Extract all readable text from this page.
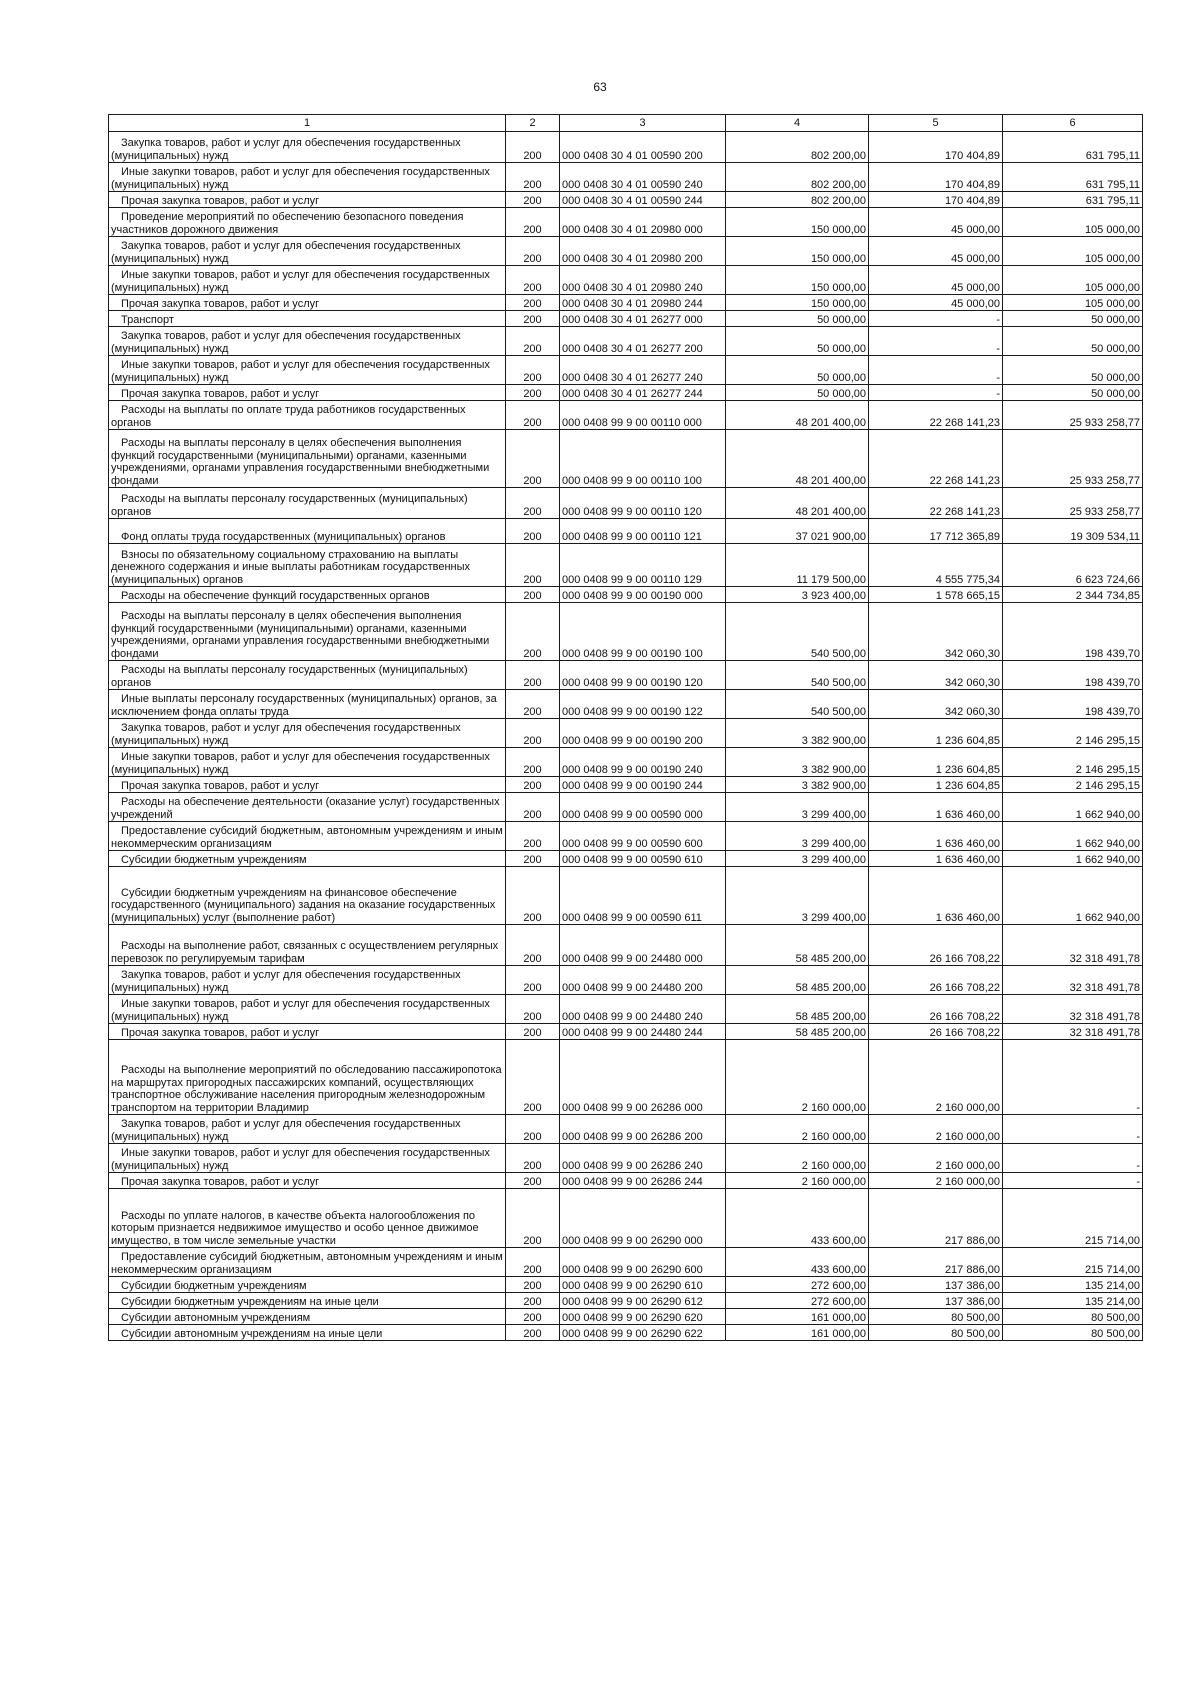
63
1	2	3	4	5	6
Закупка товаров, работ и услуг для обеспечения государственных (муниципальных) нужд	200	000 0408 30 4 01 00590 200	802 200,00	170 404,89	631 795,11
Иные закупки товаров, работ и услуг для обеспечения государственных (муниципальных) нужд	200	000 0408 30 4 01 00590 240	802 200,00	170 404,89	631 795,11
Прочая закупка товаров, работ и услуг	200	000 0408 30 4 01 00590 244	802 200,00	170 404,89	631 795,11
Проведение мероприятий по обеспечению безопасного поведения участников дорожного движения	200	000 0408 30 4 01 20980 000	150 000,00	45 000,00	105 000,00
Закупка товаров, работ и услуг для обеспечения государственных (муниципальных) нужд	200	000 0408 30 4 01 20980 200	150 000,00	45 000,00	105 000,00
Иные закупки товаров, работ и услуг для обеспечения государственных (муниципальных) нужд	200	000 0408 30 4 01 20980 240	150 000,00	45 000,00	105 000,00
Прочая закупка товаров, работ и услуг	200	000 0408 30 4 01 20980 244	150 000,00	45 000,00	105 000,00
Транспорт	200	000 0408 30 4 01 26277 000	50 000,00	-	50 000,00
Закупка товаров, работ и услуг для обеспечения государственных (муниципальных) нужд	200	000 0408 30 4 01 26277 200	50 000,00	-	50 000,00
Иные закупки товаров, работ и услуг для обеспечения государственных (муниципальных) нужд	200	000 0408 30 4 01 26277 240	50 000,00	-	50 000,00
Прочая закупка товаров, работ и услуг	200	000 0408 30 4 01 26277 244	50 000,00	-	50 000,00
Расходы на выплаты по оплате труда работников государственных органов	200	000 0408 99 9 00 00110 000	48 201 400,00	22 268 141,23	25 933 258,77
Расходы на выплаты персоналу в целях обеспечения выполнения функций государственными (муниципальными) органами, казенными учреждениями, органами управления государственными внебюджетными фондами	200	000 0408 99 9 00 00110 100	48 201 400,00	22 268 141,23	25 933 258,77
Расходы на выплаты персоналу государственных (муниципальных) органов	200	000 0408 99 9 00 00110 120	48 201 400,00	22 268 141,23	25 933 258,77
Фонд оплаты труда государственных (муниципальных) органов	200	000 0408 99 9 00 00110 121	37 021 900,00	17 712 365,89	19 309 534,11
Взносы по обязательному социальному страхованию на выплаты денежного содержания и иные выплаты работникам государственных (муниципальных) органов	200	000 0408 99 9 00 00110 129	11 179 500,00	4 555 775,34	6 623 724,66
Расходы на обеспечение функций государственных органов	200	000 0408 99 9 00 00190 000	3 923 400,00	1 578 665,15	2 344 734,85
Расходы на выплаты персоналу в целях обеспечения выполнения функций государственными (муниципальными) органами, казенными учреждениями, органами управления государственными внебюджетными фондами	200	000 0408 99 9 00 00190 100	540 500,00	342 060,30	198 439,70
Расходы на выплаты персоналу государственных (муниципальных) органов	200	000 0408 99 9 00 00190 120	540 500,00	342 060,30	198 439,70
Иные выплаты персоналу государственных (муниципальных) органов, за исключением фонда оплаты труда	200	000 0408 99 9 00 00190 122	540 500,00	342 060,30	198 439,70
Закупка товаров, работ и услуг для обеспечения государственных (муниципальных) нужд	200	000 0408 99 9 00 00190 200	3 382 900,00	1 236 604,85	2 146 295,15
Иные закупки товаров, работ и услуг для обеспечения государственных (муниципальных) нужд	200	000 0408 99 9 00 00190 240	3 382 900,00	1 236 604,85	2 146 295,15
Прочая закупка товаров, работ и услуг	200	000 0408 99 9 00 00190 244	3 382 900,00	1 236 604,85	2 146 295,15
Расходы на обеспечение деятельности (оказание услуг) государственных учреждений	200	000 0408 99 9 00 00590 000	3 299 400,00	1 636 460,00	1 662 940,00
Предоставление субсидий бюджетным, автономным учреждениям и иным некоммерческим организациям	200	000 0408 99 9 00 00590 600	3 299 400,00	1 636 460,00	1 662 940,00
Субсидии бюджетным учреждениям	200	000 0408 99 9 00 00590 610	3 299 400,00	1 636 460,00	1 662 940,00
Субсидии бюджетным учреждениям на финансовое обеспечение государственного (муниципального) задания на оказание государственных (муниципальных) услуг (выполнение работ)	200	000 0408 99 9 00 00590 611	3 299 400,00	1 636 460,00	1 662 940,00
Расходы на выполнение работ, связанных с осуществлением регулярных перевозок по регулируемым тарифам	200	000 0408 99 9 00 24480 000	58 485 200,00	26 166 708,22	32 318 491,78
Закупка товаров, работ и услуг для обеспечения государственных (муниципальных) нужд	200	000 0408 99 9 00 24480 200	58 485 200,00	26 166 708,22	32 318 491,78
Иные закупки товаров, работ и услуг для обеспечения государственных (муниципальных) нужд	200	000 0408 99 9 00 24480 240	58 485 200,00	26 166 708,22	32 318 491,78
Прочая закупка товаров, работ и услуг	200	000 0408 99 9 00 24480 244	58 485 200,00	26 166 708,22	32 318 491,78
Расходы на выполнение мероприятий по обследованию пассажиропотока на маршрутах пригородных пассажирских компаний, осуществляющих транспортное обслуживание населения пригородным железнодорожным транспортом на территории Владимир	200	000 0408 99 9 00 26286 000	2 160 000,00	2 160 000,00	-
Закупка товаров, работ и услуг для обеспечения государственных (муниципальных) нужд	200	000 0408 99 9 00 26286 200	2 160 000,00	2 160 000,00	-
Иные закупки товаров, работ и услуг для обеспечения государственных (муниципальных) нужд	200	000 0408 99 9 00 26286 240	2 160 000,00	2 160 000,00	-
Прочая закупка товаров, работ и услуг	200	000 0408 99 9 00 26286 244	2 160 000,00	2 160 000,00	-
Расходы по уплате налогов, в качестве объекта налогообложения по которым признается недвижимое имущество и особо ценное движимое имущество, в том числе земельные участки	200	000 0408 99 9 00 26290 000	433 600,00	217 886,00	215 714,00
Предоставление субсидий бюджетным, автономным учреждениям и иным некоммерческим организациям	200	000 0408 99 9 00 26290 600	433 600,00	217 886,00	215 714,00
Субсидии бюджетным учреждениям	200	000 0408 99 9 00 26290 610	272 600,00	137 386,00	135 214,00
Субсидии бюджетным учреждениям на иные цели	200	000 0408 99 9 00 26290 612	272 600,00	137 386,00	135 214,00
Субсидии автономным учреждениям	200	000 0408 99 9 00 26290 620	161 000,00	80 500,00	80 500,00
Субсидии автономным учреждениям на иные цели	200	000 0408 99 9 00 26290 622	161 000,00	80 500,00	80 500,00
